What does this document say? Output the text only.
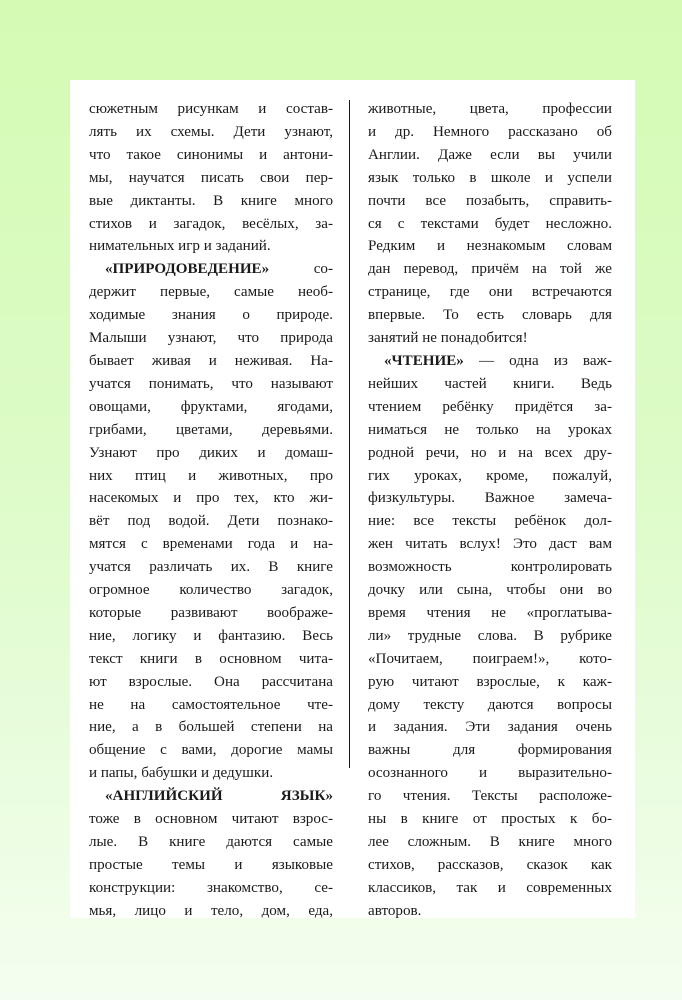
сюжетным рисункам и состав-
лять их схемы. Дети узнают,
что такое синонимы и антони-
мы, научатся писать свои пер-
вые диктанты. В книге много
стихов и загадок, весёлых, за-
нимательных игр и заданий.
«ПРИРОДОВЕДЕНИЕ»	со-
держит первые, самые необ-
ходимые знания о природе.
Малыши узнают, что природа
бывает живая и неживая. На-
учатся понимать, что называют
овощами, фруктами, ягодами,
грибами, цветами, деревьями.
Узнают про диких и домаш-
них птиц и животных, про
насекомых и про тех, кто жи-
вёт под водой. Дети познако-
мятся с временами года и на-
учатся различать их. В книге
огромное количество загадок,
которые развивают воображе-
ние, логику и фантазию. Весь
текст книги в основном чита-
ют взрослые. Она рассчитана
не на самостоятельное чте-
ние, а в большей степени на
общение с вами, дорогие мамы
и папы, бабушки и дедушки.
«АНГЛИЙСКИЙ ЯЗЫК»
тоже в основном читают взрос-
лые. В книге даются самые
простые темы и языковые
конструкции: знакомство, се-
мья, лицо и тело, дом, еда,
животные, цвета, профессии
и др. Немного рассказано об
Англии. Даже если вы учили
язык только в школе и успели
почти все позабыть, справить-
ся с текстами будет несложно.
Редким и незнакомым словам
дан перевод, причём на той же
странице, где они встречаются
впервые. То есть словарь для
занятий не понадобится!
«ЧТЕНИЕ» — одна из важ-
нейших частей книги. Ведь
чтением ребёнку придётся за-
ниматься не только на уроках
родной речи, но и на всех дру-
гих уроках, кроме, пожалуй,
физкультуры. Важное замеча-
ние: все тексты ребёнок дол-
жен читать вслух! Это даст вам
возможность контролировать
дочку или сына, чтобы они во
время чтения не «проглатыва-
ли» трудные слова. В рубрике
«Почитаем, поиграем!», кото-
рую читают взрослые, к каж-
дому тексту даются вопросы
и задания. Эти задания очень
важны для формирования
осознанного и выразительно-
го чтения. Тексты расположе-
ны в книге от простых к бо-
лее сложным. В книге много
стихов, рассказов, сказок как
классиков, так и современных
авторов.
